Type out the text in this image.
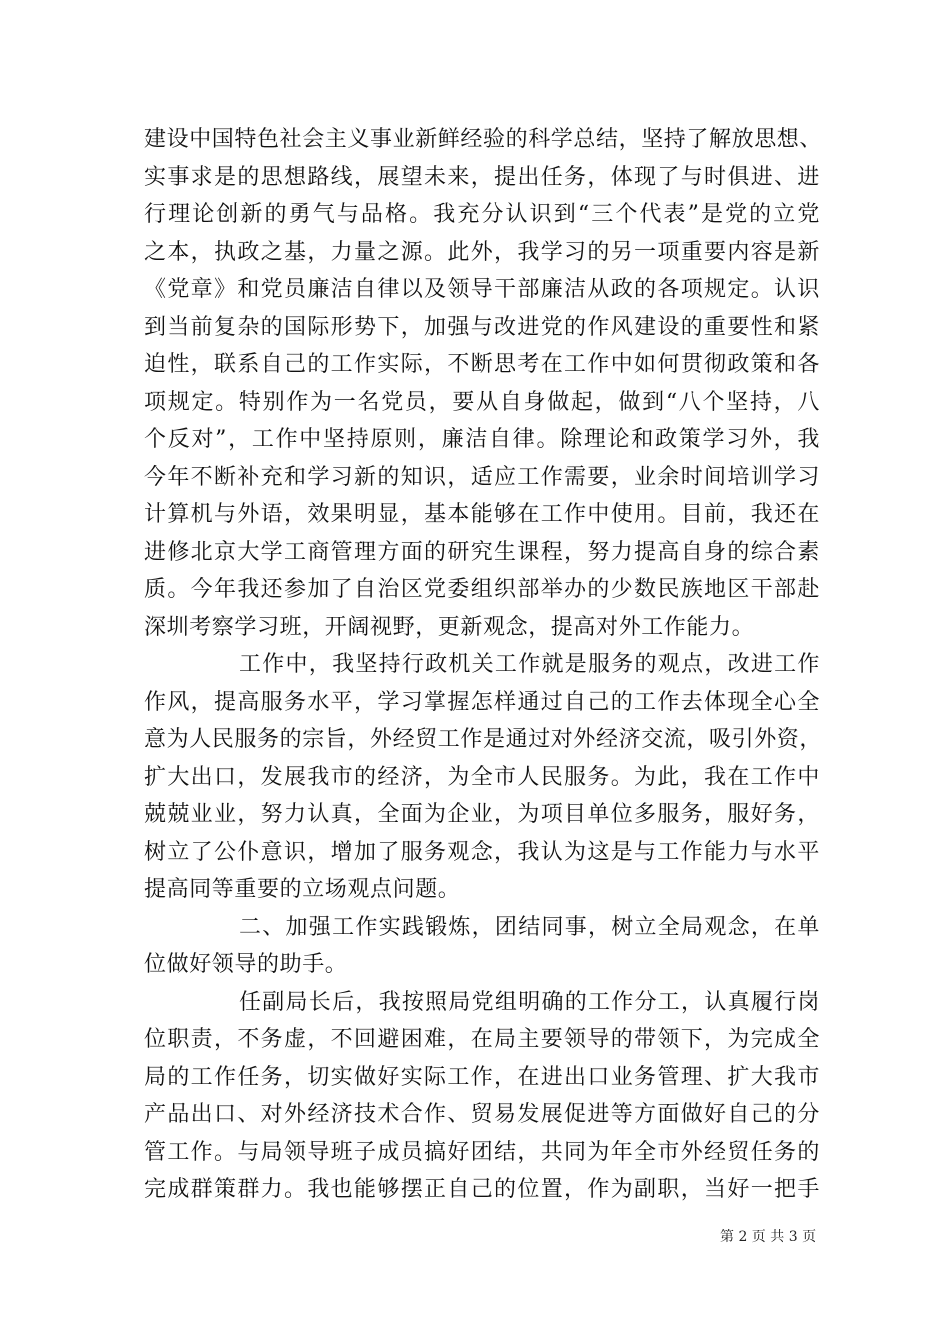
建设中国特色社会主义事业新鲜经验的科学总结，坚持了解放思想、
实事求是的思想路线，展望未来，提出任务，体现了与时俱进、进
行理论创新的勇气与品格。我充分认识到“三个代表”是党的立党
之本，执政之基，力量之源。此外，我学习的另一项重要内容是新
《党章》和党员廉洁自律以及领导干部廉洁从政的各项规定。认识
到当前复杂的国际形势下，加强与改进党的作风建设的重要性和紧
迫性，联系自己的工作实际，不断思考在工作中如何贯彻政策和各
项规定。特别作为一名党员，要从自身做起，做到“八个坚持，八
个反对”，工作中坚持原则，廉洁自律。除理论和政策学习外，我
今年不断补充和学习新的知识，适应工作需要，业余时间培训学习
计算机与外语，效果明显，基本能够在工作中使用。目前，我还在
进修北京大学工商管理方面的研究生课程，努力提高自身的综合素
质。今年我还参加了自治区党委组织部举办的少数民族地区干部赴
深圳考察学习班，开阔视野，更新观念，提高对外工作能力。
工作中，我坚持行政机关工作就是服务的观点，改进工作
作风，提高服务水平，学习掌握怎样通过自己的工作去体现全心全
意为人民服务的宗旨，外经贸工作是通过对外经济交流，吸引外资，
扩大出口，发展我市的经济，为全市人民服务。为此，我在工作中
兢兢业业，努力认真，全面为企业，为项目单位多服务，服好务，
树立了公仆意识，增加了服务观念，我认为这是与工作能力与水平
提高同等重要的立场观点问题。
二、加强工作实践锻炼，团结同事，树立全局观念，在单
位做好领导的助手。
任副局长后，我按照局党组明确的工作分工，认真履行岗
位职责，不务虚，不回避困难，在局主要领导的带领下，为完成全
局的工作任务，切实做好实际工作，在进出口业务管理、扩大我市
产品出口、对外经济技术合作、贸易发展促进等方面做好自己的分
管工作。与局领导班子成员搞好团结，共同为年全市外经贸任务的
完成群策群力。我也能够摆正自己的位置，作为副职，当好一把手
第 2 页 共 3 页
